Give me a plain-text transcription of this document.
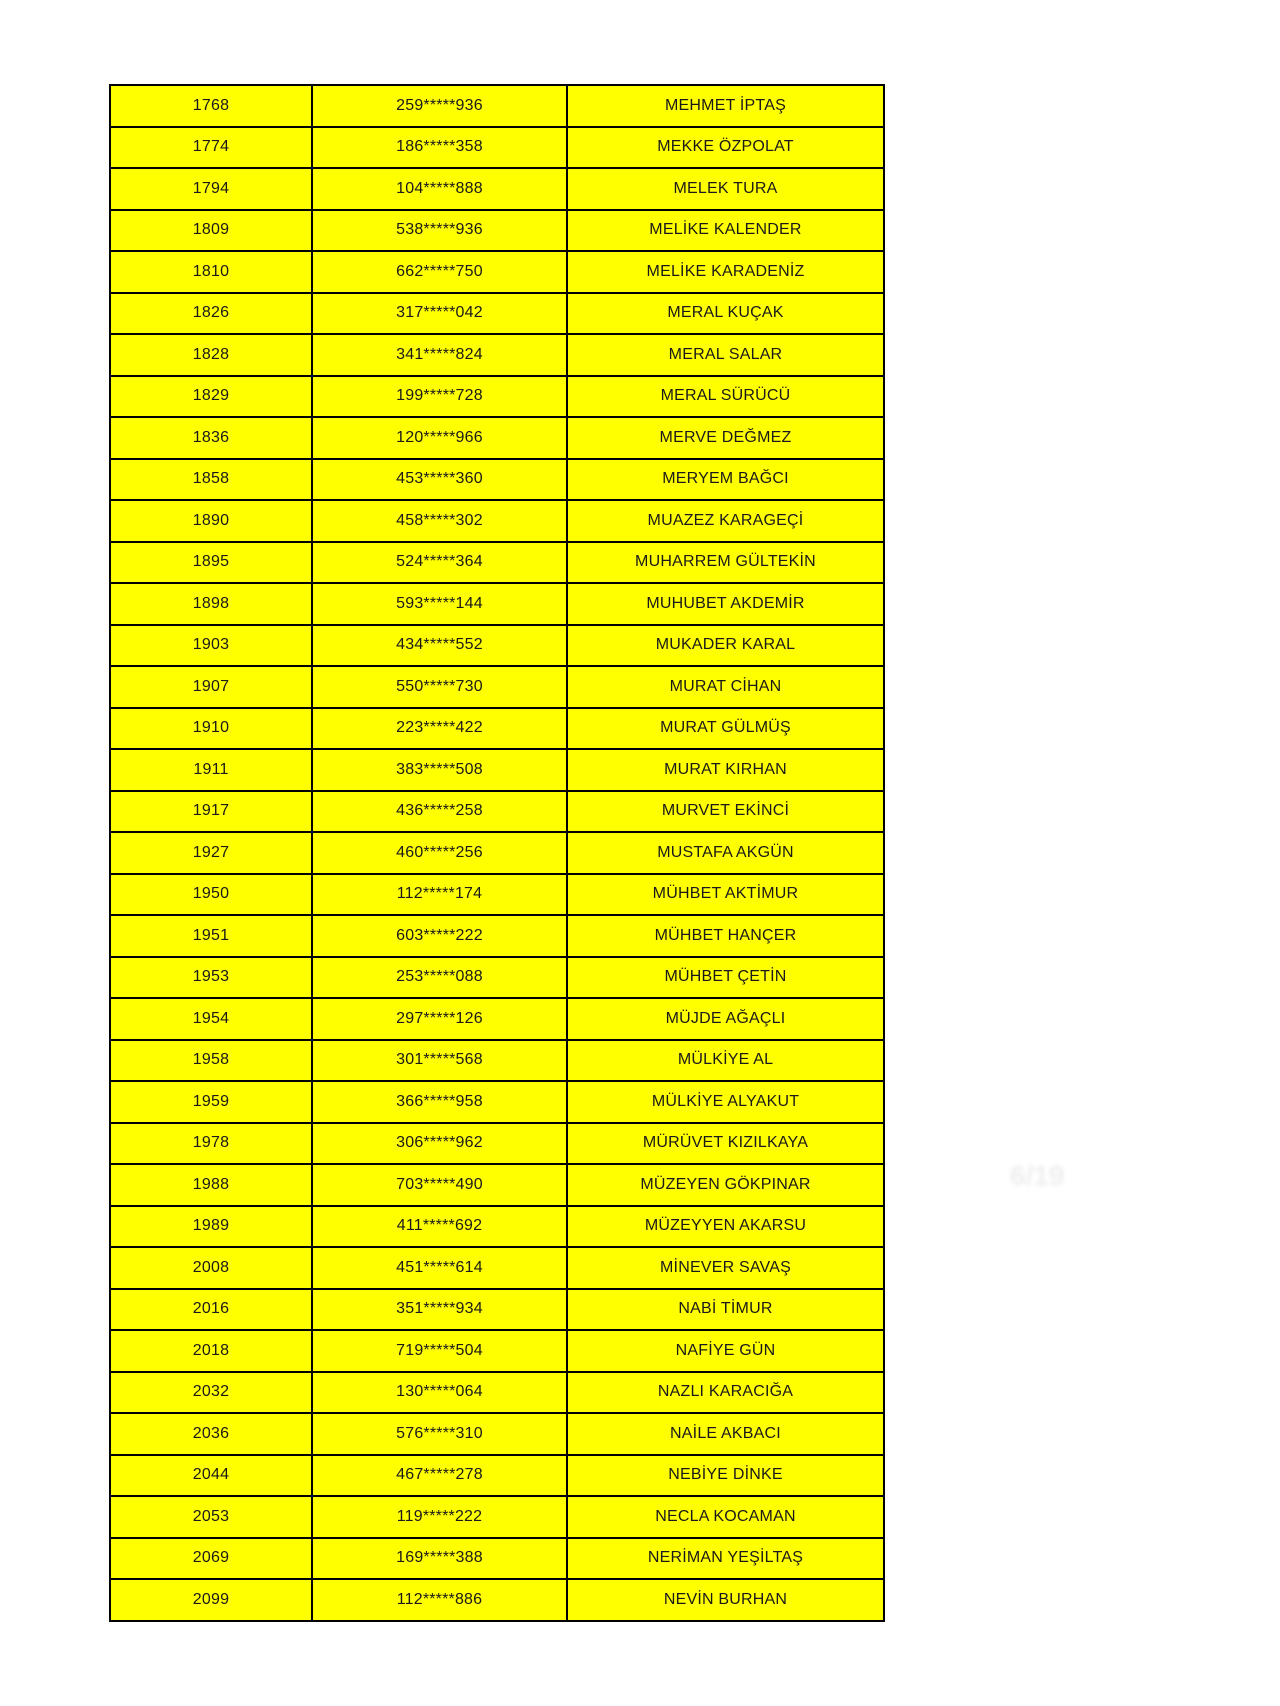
1768	259*****936	MEHMET İPTAŞ
1774	186*****358	MEKKE ÖZPOLAT
1794	104*****888	MELEK TURA
1809	538*****936	MELİKE KALENDER
1810	662*****750	MELİKE KARADENİZ
1826	317*****042	MERAL KUÇAK
1828	341*****824	MERAL SALAR
1829	199*****728	MERAL SÜRÜCÜ
1836	120*****966	MERVE DEĞMEZ
1858	453*****360	MERYEM BAĞCI
1890	458*****302	MUAZEZ KARAGEÇİ
1895	524*****364	MUHARREM GÜLTEKİN
1898	593*****144	MUHUBET AKDEMİR
1903	434*****552	MUKADER KARAL
1907	550*****730	MURAT CİHAN
1910	223*****422	MURAT GÜLMÜŞ
1911	383*****508	MURAT KIRHAN
1917	436*****258	MURVET EKİNCİ
1927	460*****256	MUSTAFA AKGÜN
1950	112*****174	MÜHBET AKTİMUR
1951	603*****222	MÜHBET HANÇER
1953	253*****088	MÜHBET ÇETİN
1954	297*****126	MÜJDE AĞAÇLI
1958	301*****568	MÜLKİYE AL
1959	366*****958	MÜLKİYE ALYAKUT
1978	306*****962	MÜRÜVET KIZILKAYA
1988	703*****490	MÜZEYEN GÖKPINAR
1989	411*****692	MÜZEYYEN AKARSU
2008	451*****614	MİNEVER SAVAŞ
2016	351*****934	NABİ TİMUR
2018	719*****504	NAFİYE GÜN
2032	130*****064	NAZLI KARACIĞA
2036	576*****310	NAİLE AKBACI
2044	467*****278	NEBİYE DİNKE
2053	119*****222	NECLA KOCAMAN
2069	169*****388	NERİMAN YEŞİLTAŞ
2099	112*****886	NEVİN BURHAN
6/19
